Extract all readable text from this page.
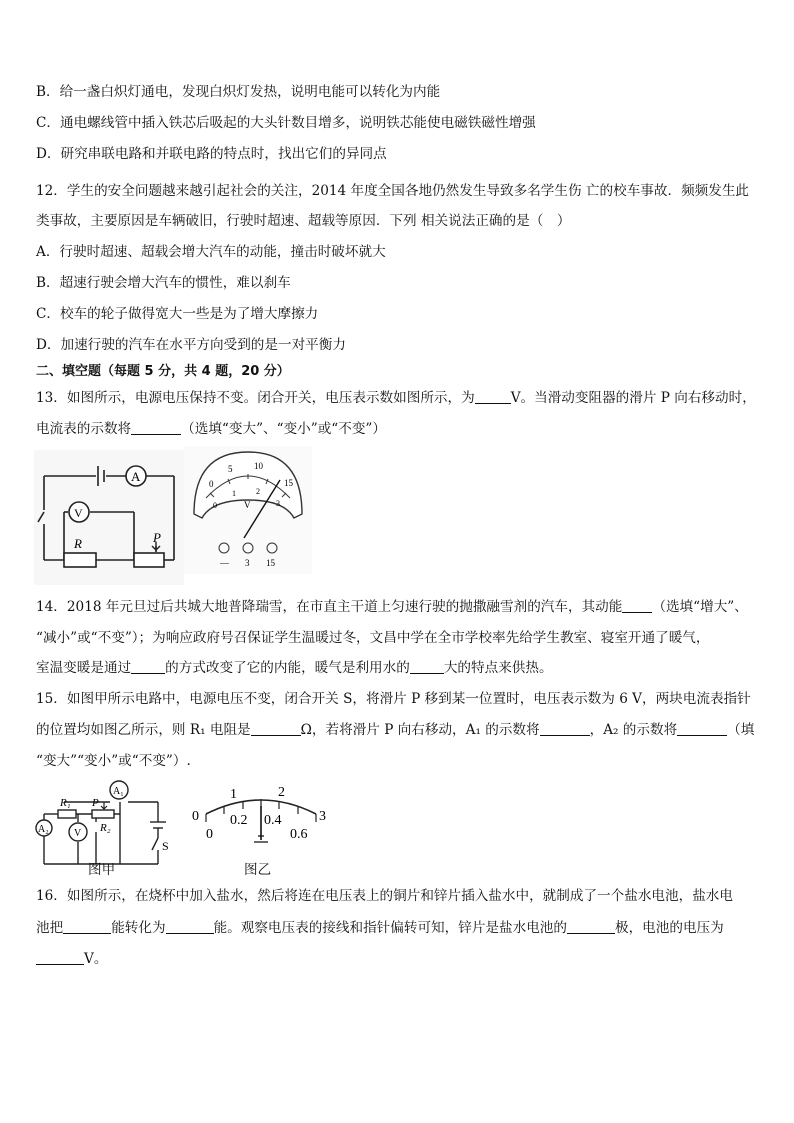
B．给一盏白炽灯通电，发现白炽灯发热，说明电能可以转化为内能
C．通电螺线管中插入铁芯后吸起的大头针数目增多，说明铁芯能使电磁铁磁性增强
D．研究串联电路和并联电路的特点时，找出它们的异同点
12．学生的安全问题越来越引起社会的关注，2014 年度全国各地仍然发生导致多名学生伤 亡的校车事故．频频发生此
类事故，主要原因是车辆破旧，行驶时超速、超载等原因．下列 相关说法正确的是（　）
A．行驶时超速、超载会增大汽车的动能，撞击时破坏就大
B．超速行驶会增大汽车的惯性，难以刹车
C．校车的轮子做得宽大一些是为了增大摩擦力
D．加速行驶的汽车在水平方向受到的是一对平衡力
二、填空题（每题 5 分，共 4 题，20 分）
13．如图所示，电源电压保持不变。闭合开关，电压表示数如图所示，为	V。当滑动变阻器的滑片 P 向右移动时，
电流表的示数将	（选填“变大”、“变小”或“不变”）
A
V
R	P
0
5 10
15
0
1	2
3
V
— 3 15
14．2018 年元旦过后共城大地普降瑞雪，在市直主干道上匀速行驶的抛撒融雪剂的汽车，其动能 （选填“增大”、
“减小”或“不变”）；为响应政府号召保证学生温暖过冬，文昌中学在全市学校率先给学生教室、寝室开通了暖气，
室温变暖是通过	的方式改变了它的内能，暖气是利用水的	大的特点来供热。
15．如图甲所示电路中，电源电压不变，闭合开关 S，将滑片 P 移到某一位置时，电压表示数为 6 V，两块电流表指针
的位置均如图乙所示，则 R₁ 电阻是	Ω，若将滑片 P 向右移动，A₁ 的示数将	，A₂ 的示数将	（填
“变大”“变小”或“不变”）.
A₂
A₁
V
R₁ P
R₂
S
图甲
0
1	2
3
0
0.2 0.4
0.6
图乙
16．如图所示，在烧杯中加入盐水，然后将连在电压表上的铜片和锌片插入盐水中，就制成了一个盐水电池，盐水电
池把	能转化为	能。观察电压表的接线和指针偏转可知，锌片是盐水电池的	极，电池的电压为
V。
